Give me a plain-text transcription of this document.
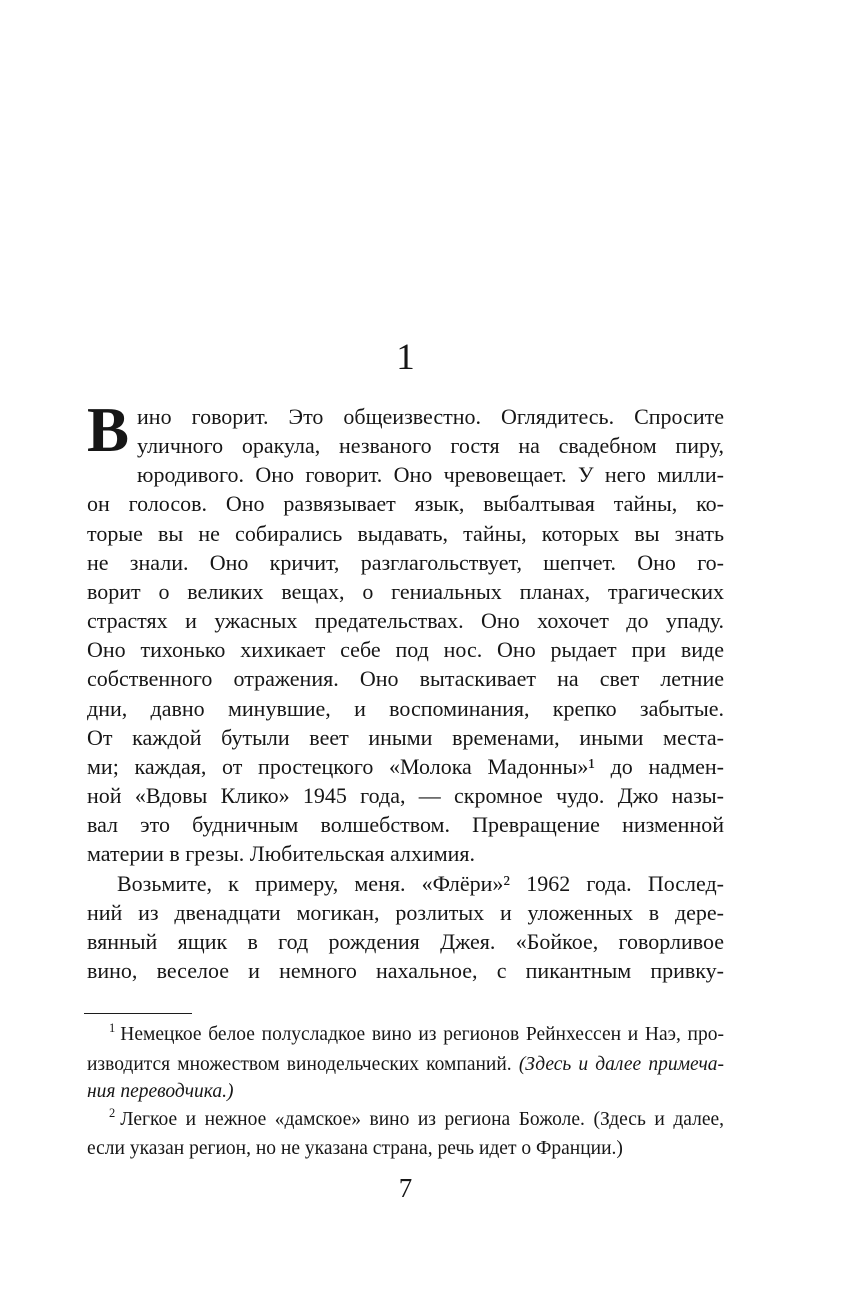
1
В ино говорит. Это общеизвестно. Оглядитесь. Спросите
уличного оракула, незваного гостя на свадебном пиру,
юродивого. Оно говорит. Оно чревовещает. У него милли-
он голосов. Оно развязывает язык, выбалтывая тайны, ко-
торые вы не собирались выдавать, тайны, которых вы знать
не знали. Оно кричит, разглагольствует, шепчет. Оно го-
ворит о великих вещах, о гениальных планах, трагических
страстях и ужасных предательствах. Оно хохочет до упаду.
Оно тихонько хихикает себе под нос. Оно рыдает при виде
собственного отражения. Оно вытаскивает на свет летние
дни, давно минувшие, и воспоминания, крепко забытые.
От каждой бутыли веет иными временами, иными места-
ми; каждая, от простецкого «Молока Мадонны»¹ до надмен-
ной «Вдовы Клико» 1945 года, — скромное чудо. Джо назы-
вал это будничным волшебством. Превращение низменной
материи в грезы. Любительская алхимия.
Возьмите, к примеру, меня. «Флёри»² 1962 года. Послед-
ний из двенадцати могикан, розлитых и уложенных в дере-
вянный ящик в год рождения Джея. «Бойкое, говорливое
вино, веселое и немного нахальное, с пикантным привку-
$^1$ Немецкое белое полусладкое вино из регионов Рейнхессен и Наэ, про-
изводится множеством винодельческих компаний. (Здесь и далее примеча-
ния переводчика.)
$^2$ Легкое и нежное «дамское» вино из региона Божоле. (Здесь и далее,
если указан регион, но не указана страна, речь идет о Франции.)
7
